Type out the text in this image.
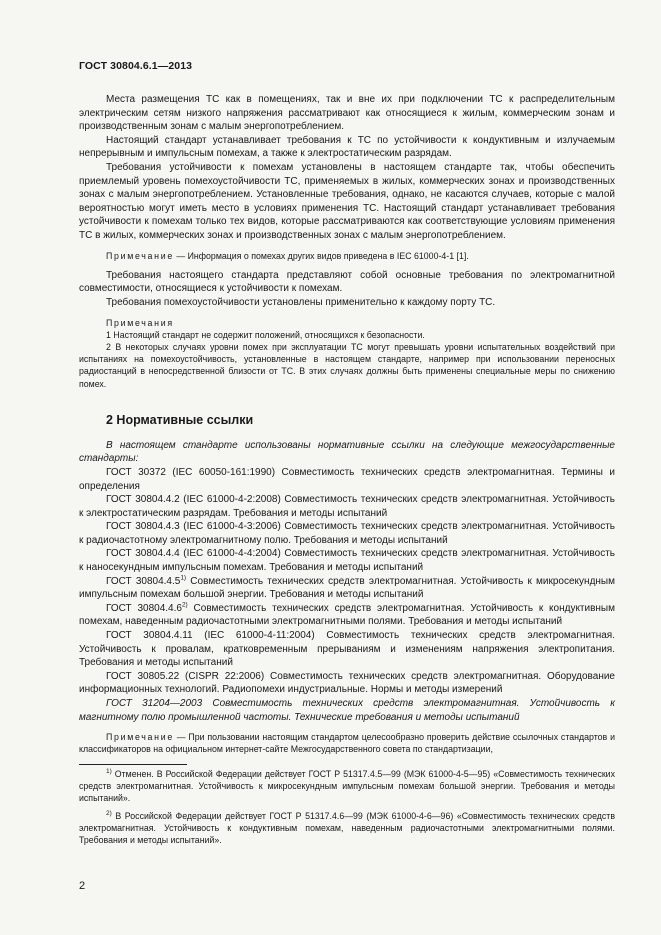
ГОСТ 30804.6.1—2013

Места размещения ТС как в помещениях, так и вне их при подключении ТС к распределительным электрическим сетям низкого напряжения рассматривают как относящиеся к жилым, коммерческим зонам и производственным зонам с малым энергопотреблением.

Настоящий стандарт устанавливает требования к ТС по устойчивости к кондуктивным и излучаемым непрерывным и импульсным помехам, а также к электростатическим разрядам.

Требования устойчивости к помехам установлены в настоящем стандарте так, чтобы обеспечить приемлемый уровень помехоустойчивости ТС, применяемых в жилых, коммерческих зонах и производственных зонах с малым энергопотреблением. Установленные требования, однако, не касаются случаев, которые с малой вероятностью могут иметь место в условиях применения ТС. Настоящий стандарт устанавливает требования устойчивости к помехам только тех видов, которые рассматриваются как соответствующие условиям применения ТС в жилых, коммерческих зонах и производственных зонах с малым энергопотреблением.

Примечание — Информация о помехах других видов приведена в IEC 61000-4-1 [1].

Требования настоящего стандарта представляют собой основные требования по электромагнитной совместимости, относящиеся к устойчивости к помехам.

Требования помехоустойчивости установлены применительно к каждому порту ТС.

Примечания

1 Настоящий стандарт не содержит положений, относящихся к безопасности.

2 В некоторых случаях уровни помех при эксплуатации ТС могут превышать уровни испытательных воздействий при испытаниях на помехоустойчивость, установленные в настоящем стандарте, например при использовании переносных радиостанций в непосредственной близости от ТС. В этих случаях должны быть применены специальные меры по снижению помех.

2 Нормативные ссылки

В настоящем стандарте использованы нормативные ссылки на следующие межгосударственные стандарты:

ГОСТ 30372 (IEC 60050-161:1990) Совместимость технических средств электромагнитная. Термины и определения

ГОСТ 30804.4.2 (IEC 61000-4-2:2008) Совместимость технических средств электромагнитная. Устойчивость к электростатическим разрядам. Требования и методы испытаний

ГОСТ 30804.4.3 (IEC 61000-4-3:2006) Совместимость технических средств электромагнитная. Устойчивость к радиочастотному электромагнитному полю. Требования и методы испытаний

ГОСТ 30804.4.4 (IEC 61000-4-4:2004) Совместимость технических средств электромагнитная. Устойчивость к наносекундным импульсным помехам. Требования и методы испытаний

ГОСТ 30804.4.5$^{1)}$ Совместимость технических средств электромагнитная. Устойчивость к микросекундным импульсным помехам большой энергии. Требования и методы испытаний

ГОСТ 30804.4.6$^{2)}$ Совместимость технических средств электромагнитная. Устойчивость к кондуктивным помехам, наведенным радиочастотными электромагнитными полями. Требования и методы испытаний

ГОСТ 30804.4.11 (IEC 61000-4-11:2004) Совместимость технических средств электромагнитная. Устойчивость к провалам, кратковременным прерываниям и изменениям напряжения электропитания. Требования и методы испытаний

ГОСТ 30805.22 (CISPR 22:2006) Совместимость технических средств электромагнитная. Оборудование информационных технологий. Радиопомехи индустриальные. Нормы и методы измерений

ГОСТ 31204—2003 Совместимость технических средств электромагнитная. Устойчивость к магнитному полю промышленной частоты. Технические требования и методы испытаний

Примечание — При пользовании настоящим стандартом целесообразно проверить действие ссылочных стандартов и классификаторов на официальном интернет-сайте Межгосударственного совета по стандартизации,

$^{1)}$ Отменен. В Российской Федерации действует ГОСТ Р 51317.4.5—99 (МЭК 61000-4-5—95) «Совместимость технических средств электромагнитная. Устойчивость к микросекундным импульсным помехам большой энергии. Требования и методы испытаний».

$^{2)}$ В Российской Федерации действует ГОСТ Р 51317.4.6—99 (МЭК 61000-4-6—96) «Совместимость технических средств электромагнитная. Устойчивость к кондуктивным помехам, наведенным радиочастотными электромагнитными полями. Требования и методы испытаний».

2
